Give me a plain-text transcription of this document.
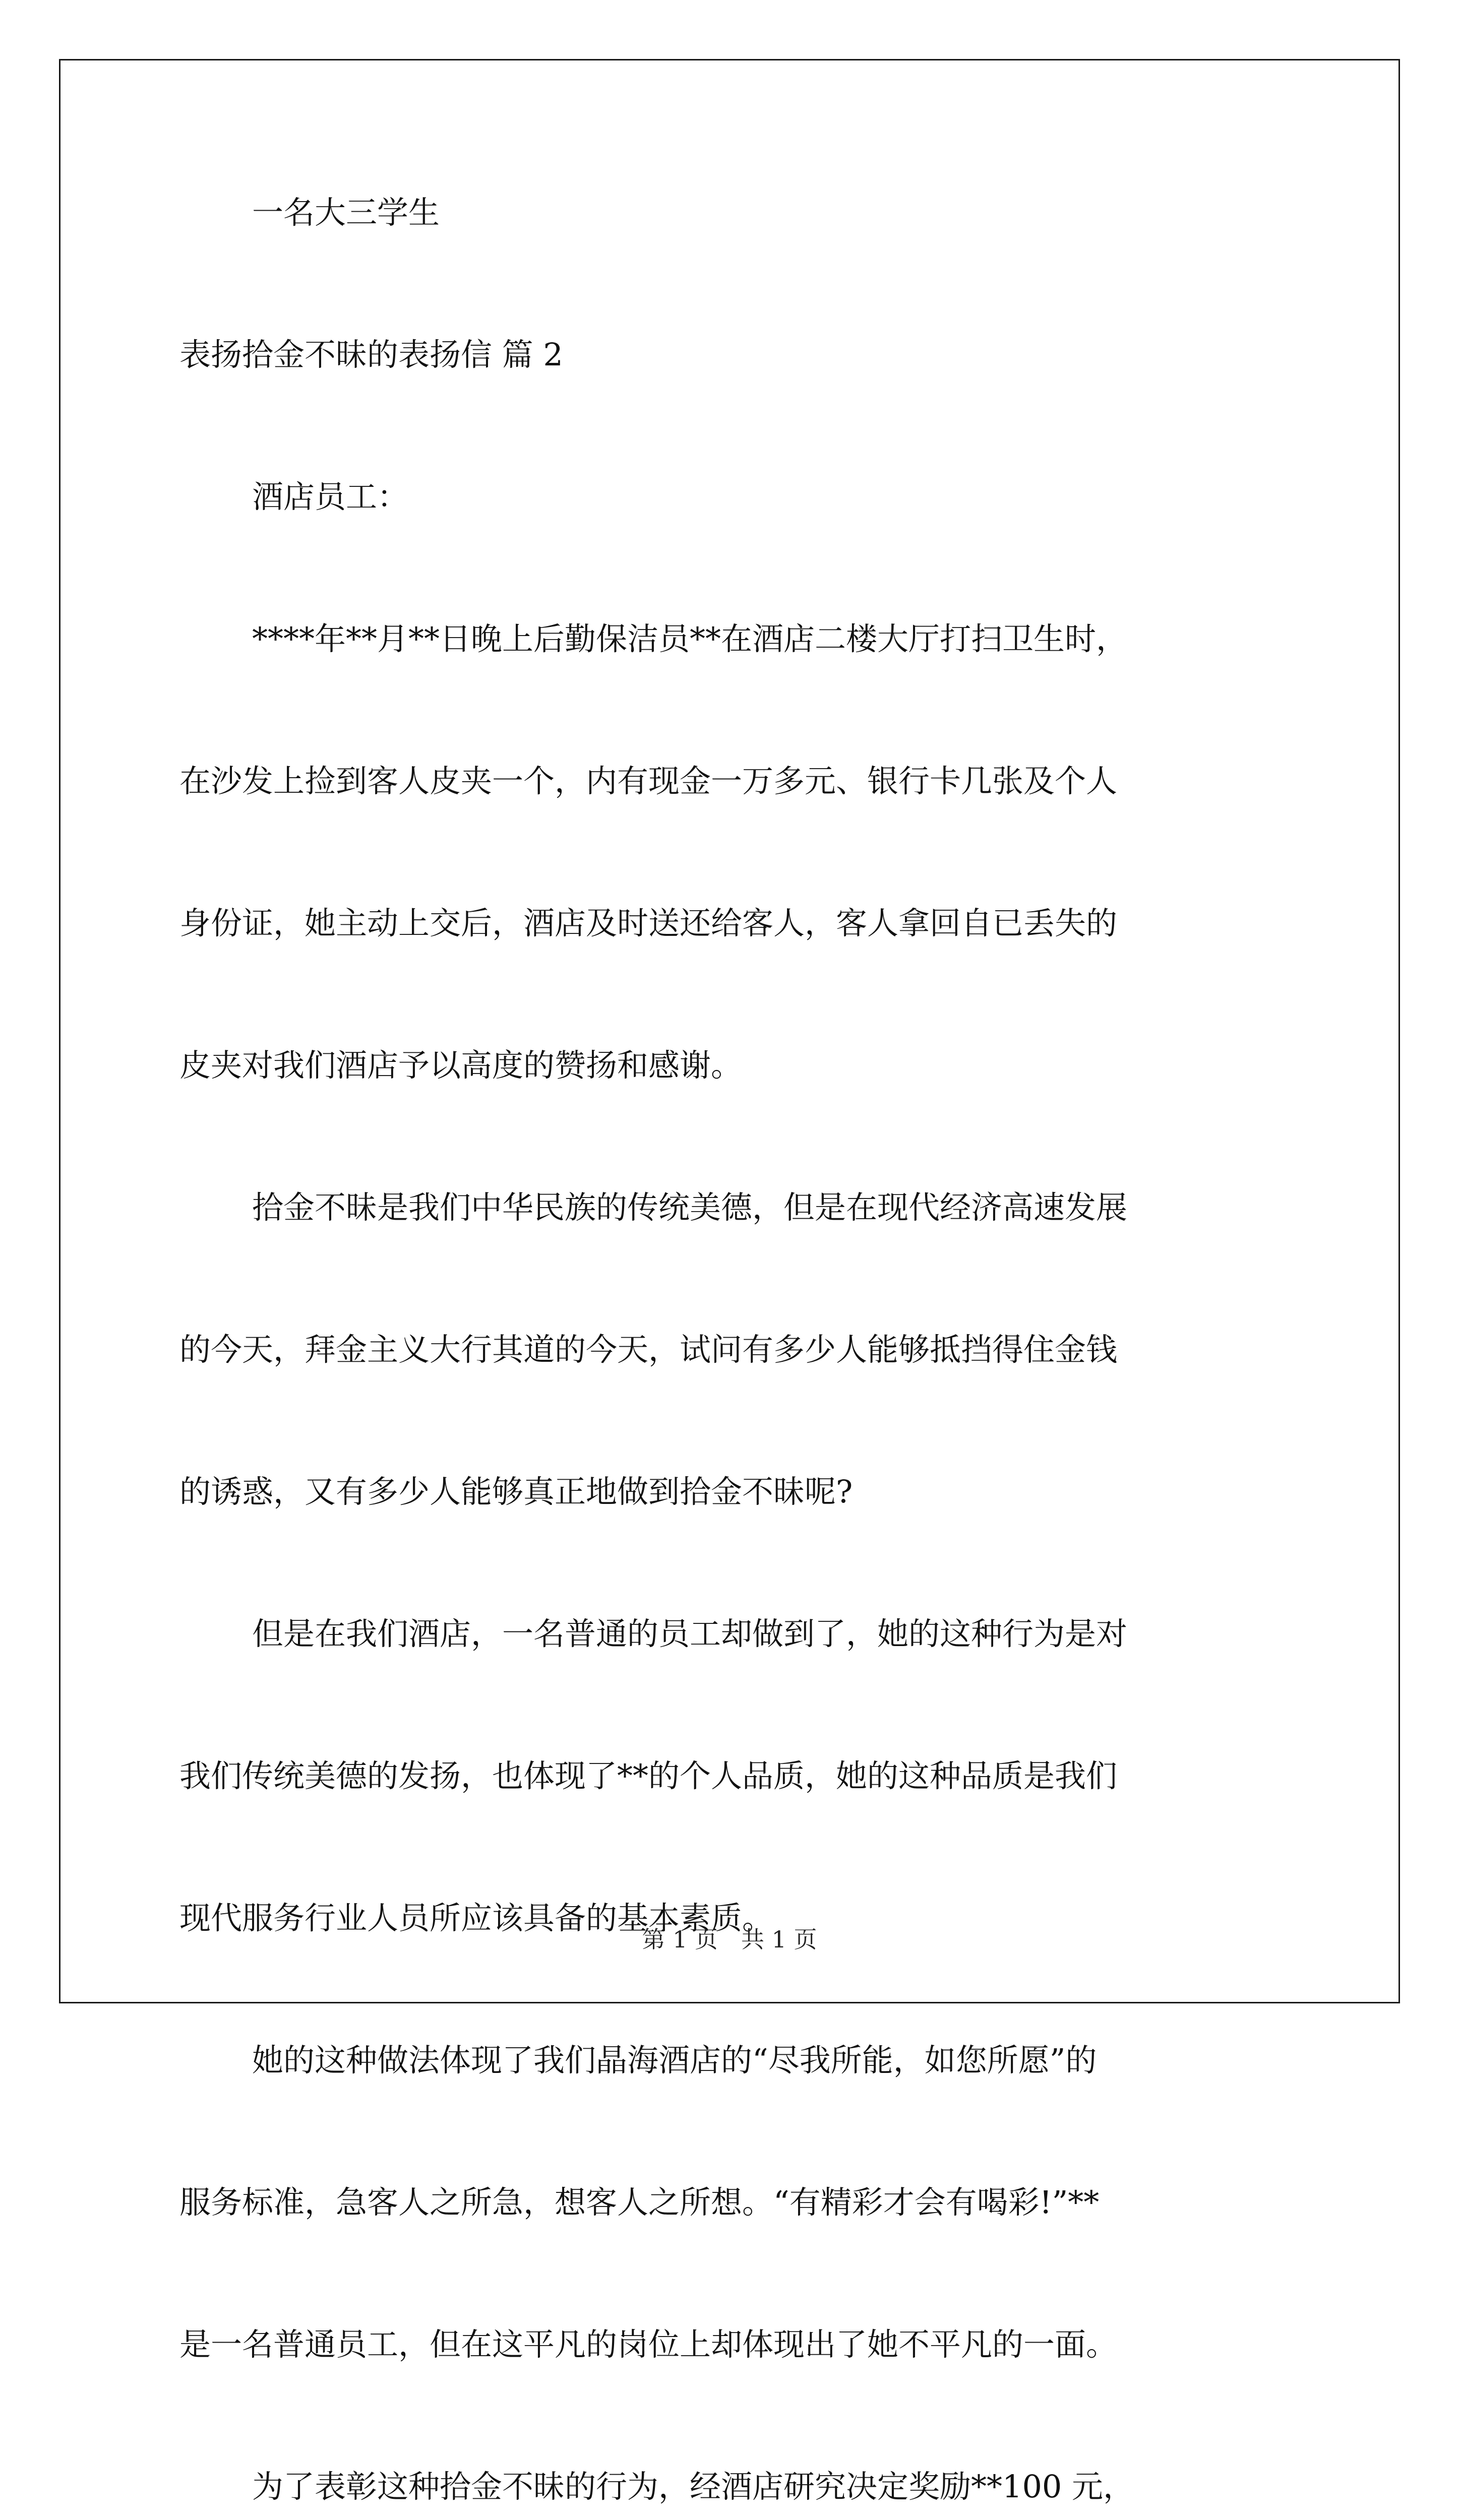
一名大三学生
表扬拾金不昧的表扬信 篇 2
酒店员工：
****年**月**日晚上后勤保洁员**在酒店二楼大厅打扫卫生时，
在沙发上捡到客人皮夹一个，内有现金一万多元、银行卡几张及个人
身份证，她主动上交后，酒店及时送还给客人，客人拿回自已丢失的
皮夹对我们酒店予以高度的赞扬和感谢。
拾金不昧是我们中华民族的传统美德，但是在现代经济高速发展
的今天，拜金主义大行其道的今天，试问有多少人能够抵挡得住金钱
的诱惑，又有多少人能够真正地做到拾金不昧呢?
但是在我们酒店，一名普通的员工却做到了，她的这种行为是对
我们传统美德的发扬，也体现了**的个人品质，她的这种品质是我们
现代服务行业人员所应该具备的基本素质。
她的这种做法体现了我们晶海酒店的“尽我所能，如您所愿”的
服务标准，急客人之所急，想客人之所想。“有精彩才会有喝彩!”**
是一名普通员工，但在这平凡的岗位上却体现出了她不平凡的一面。
为了表彰这种拾金不昧的行为，经酒店研究决定奖励**100 元，
第 1 页　共 1 页
